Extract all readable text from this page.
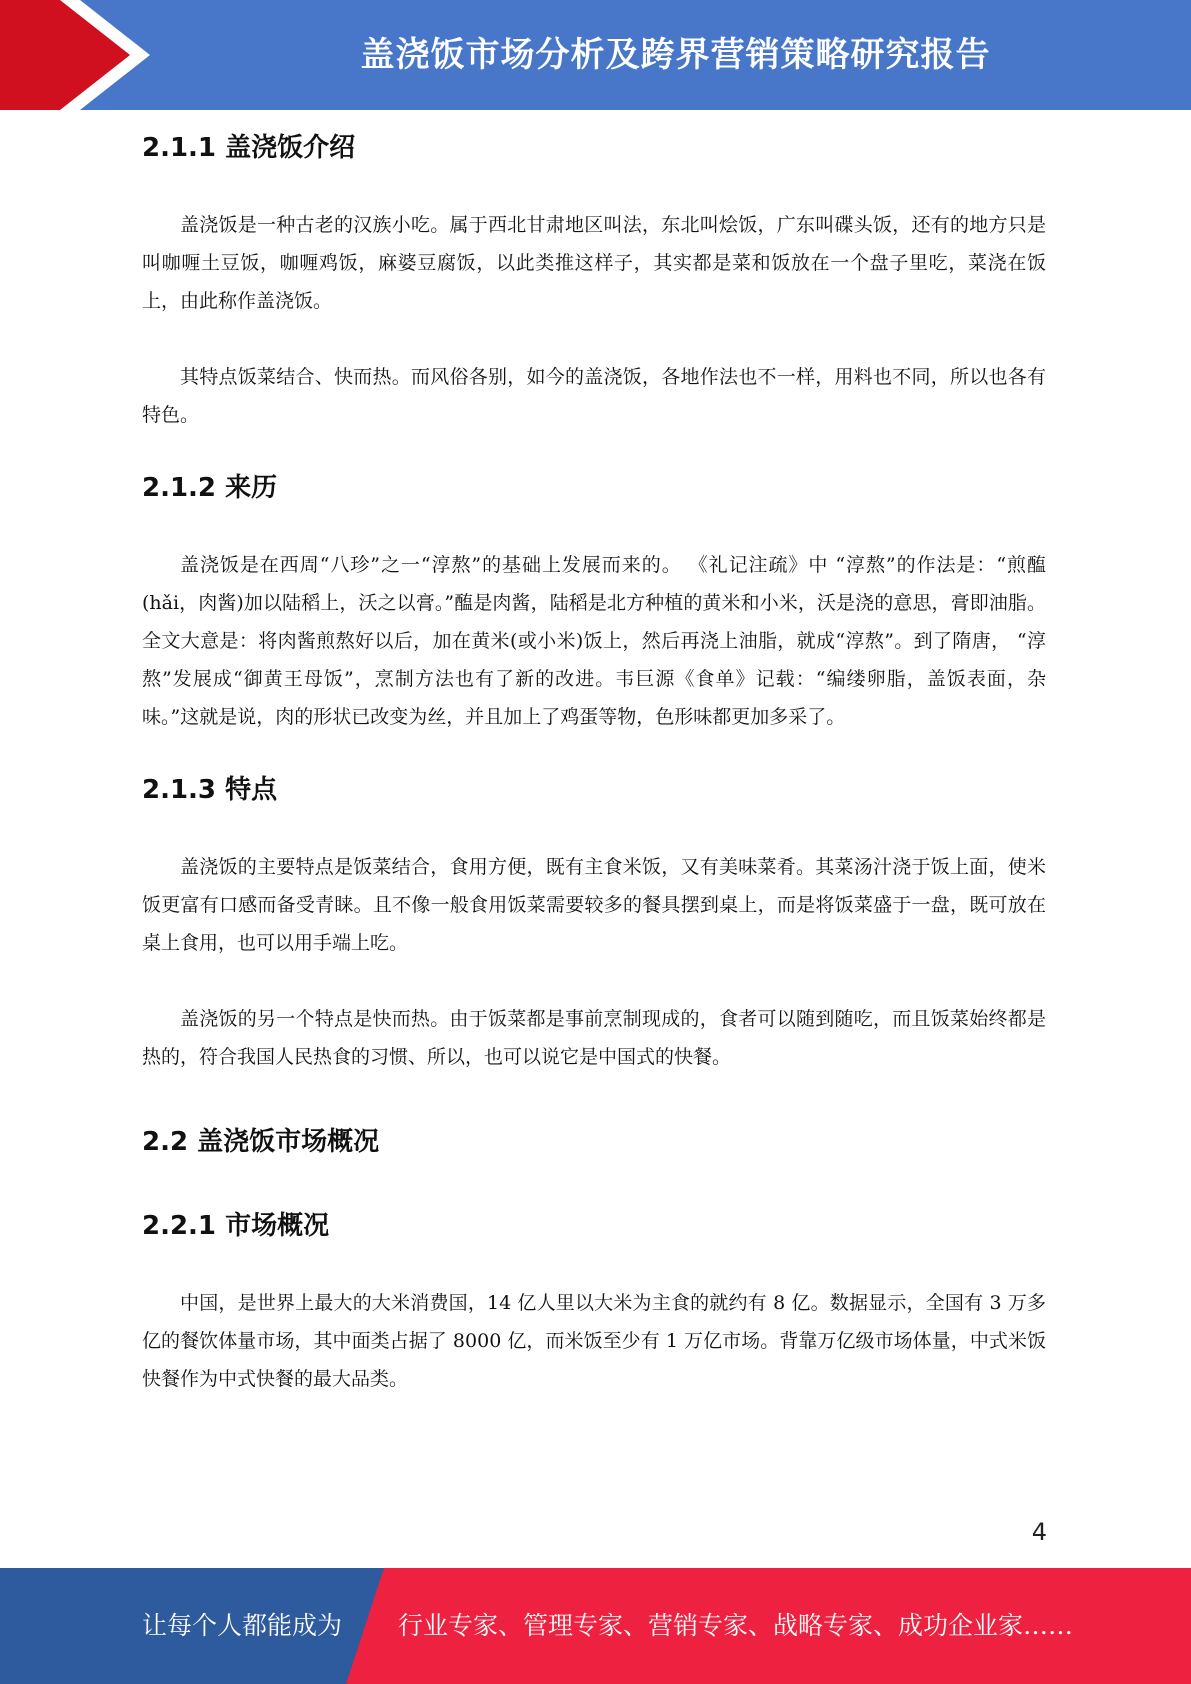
盖浇饭市场分析及跨界营销策略研究报告
2.1.1 盖浇饭介绍

盖浇饭是一种古老的汉族小吃。属于西北甘肃地区叫法，东北叫烩饭，广东叫碟头饭，还有的地方只是叫咖喱土豆饭，咖喱鸡饭，麻婆豆腐饭，以此类推这样子，其实都是菜和饭放在一个盘子里吃，菜浇在饭上，由此称作盖浇饭。

其特点饭菜结合、快而热。而风俗各别，如今的盖浇饭，各地作法也不一样，用料也不同，所以也各有特色。

2.1.2 来历

盖浇饭是在西周“八珍”之一“淳熬”的基础上发展而来的。 《礼记注疏》中 “淳熬”的作法是：“煎醢(hǎi，肉酱)加以陆稻上，沃之以膏。”醢是肉酱，陆稻是北方种植的黄米和小米，沃是浇的意思，膏即油脂。全文大意是：将肉酱煎熬好以后，加在黄米(或小米)饭上，然后再浇上油脂，就成“淳熬”。到了隋唐， “淳熬”发展成“御黄王母饭”，烹制方法也有了新的改进。韦巨源《食单》记载：“编缕卵脂，盖饭表面，杂味。”这就是说，肉的形状已改变为丝，并且加上了鸡蛋等物，色形味都更加多采了。

2.1.3 特点

盖浇饭的主要特点是饭菜结合，食用方便，既有主食米饭，又有美味菜肴。其菜汤汁浇于饭上面，使米饭更富有口感而备受青睐。且不像一般食用饭菜需要较多的餐具摆到桌上，而是将饭菜盛于一盘，既可放在桌上食用，也可以用手端上吃。

盖浇饭的另一个特点是快而热。由于饭菜都是事前烹制现成的，食者可以随到随吃，而且饭菜始终都是热的，符合我国人民热食的习惯、所以，也可以说它是中国式的快餐。

2.2 盖浇饭市场概况
2.2.1 市场概况

中国，是世界上最大的大米消费国，14 亿人里以大米为主食的就约有 8 亿。数据显示，全国有 3 万多亿的餐饮体量市场，其中面类占据了 8000 亿，而米饭至少有 1 万亿市场。背靠万亿级市场体量，中式米饭快餐作为中式快餐的最大品类。

4
让每个人都能成为 行业专家、管理专家、营销专家、战略专家、成功企业家……
